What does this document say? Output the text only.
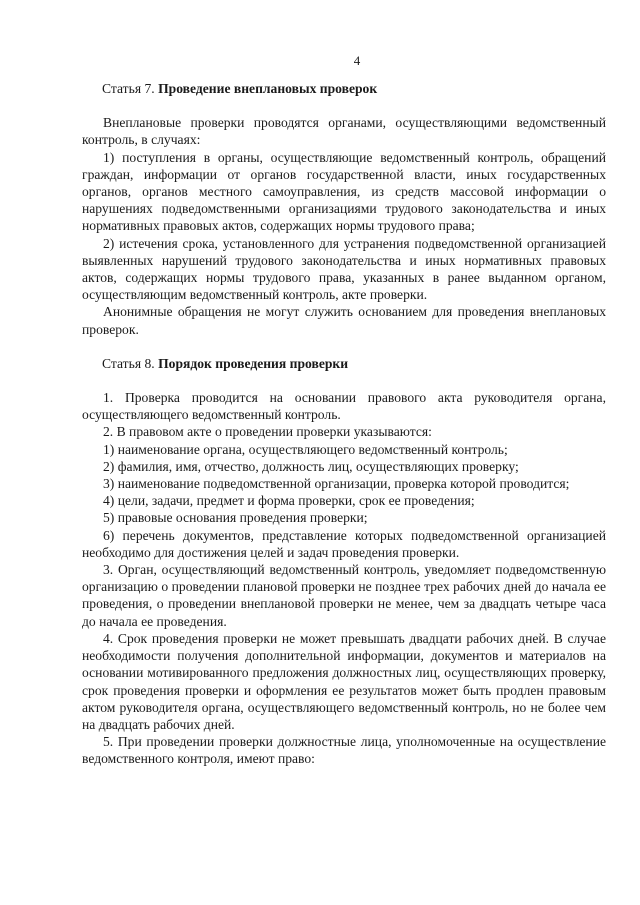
4
Статья 7. Проведение внеплановых проверок

Внеплановые проверки проводятся органами, осуществляющими ведомственный контроль, в случаях:

1) поступления в органы, осуществляющие ведомственный контроль, обращений граждан, информации от органов государственной власти, иных государственных органов, органов местного самоуправления, из средств массовой информации о нарушениях подведомственными организациями трудового законодательства и иных нормативных правовых актов, содержащих нормы трудового права;

2) истечения срока, установленного для устранения подведомственной организацией выявленных нарушений трудового законодательства и иных нормативных правовых актов, содержащих нормы трудового права, указанных в ранее выданном органом, осуществляющим ведомственный контроль, акте проверки.

Анонимные обращения не могут служить основанием для проведения внеплановых проверок.

Статья 8. Порядок проведения проверки

1. Проверка проводится на основании правового акта руководителя органа, осуществляющего ведомственный контроль.

2. В правовом акте о проведении проверки указываются:

1) наименование органа, осуществляющего ведомственный контроль;

2) фамилия, имя, отчество, должность лиц, осуществляющих проверку;

3) наименование подведомственной организации, проверка которой проводится;

4) цели, задачи, предмет и форма проверки, срок ее проведения;

5) правовые основания проведения проверки;

6) перечень документов, представление которых подведомственной организацией необходимо для достижения целей и задач проведения проверки.

3. Орган, осуществляющий ведомственный контроль, уведомляет подведомственную организацию о проведении плановой проверки не позднее трех рабочих дней до начала ее проведения, о проведении внеплановой проверки не менее, чем за двадцать четыре часа до начала ее проведения.

4. Срок проведения проверки не может превышать двадцати рабочих дней. В случае необходимости получения дополнительной информации, документов и материалов на основании мотивированного предложения должностных лиц, осуществляющих проверку, срок проведения проверки и оформления ее результатов может быть продлен правовым актом руководителя органа, осуществляющего ведомственный контроль, но не более чем на двадцать рабочих дней.

5. При проведении проверки должностные лица, уполномоченные на осуществление ведомственного контроля, имеют право:
